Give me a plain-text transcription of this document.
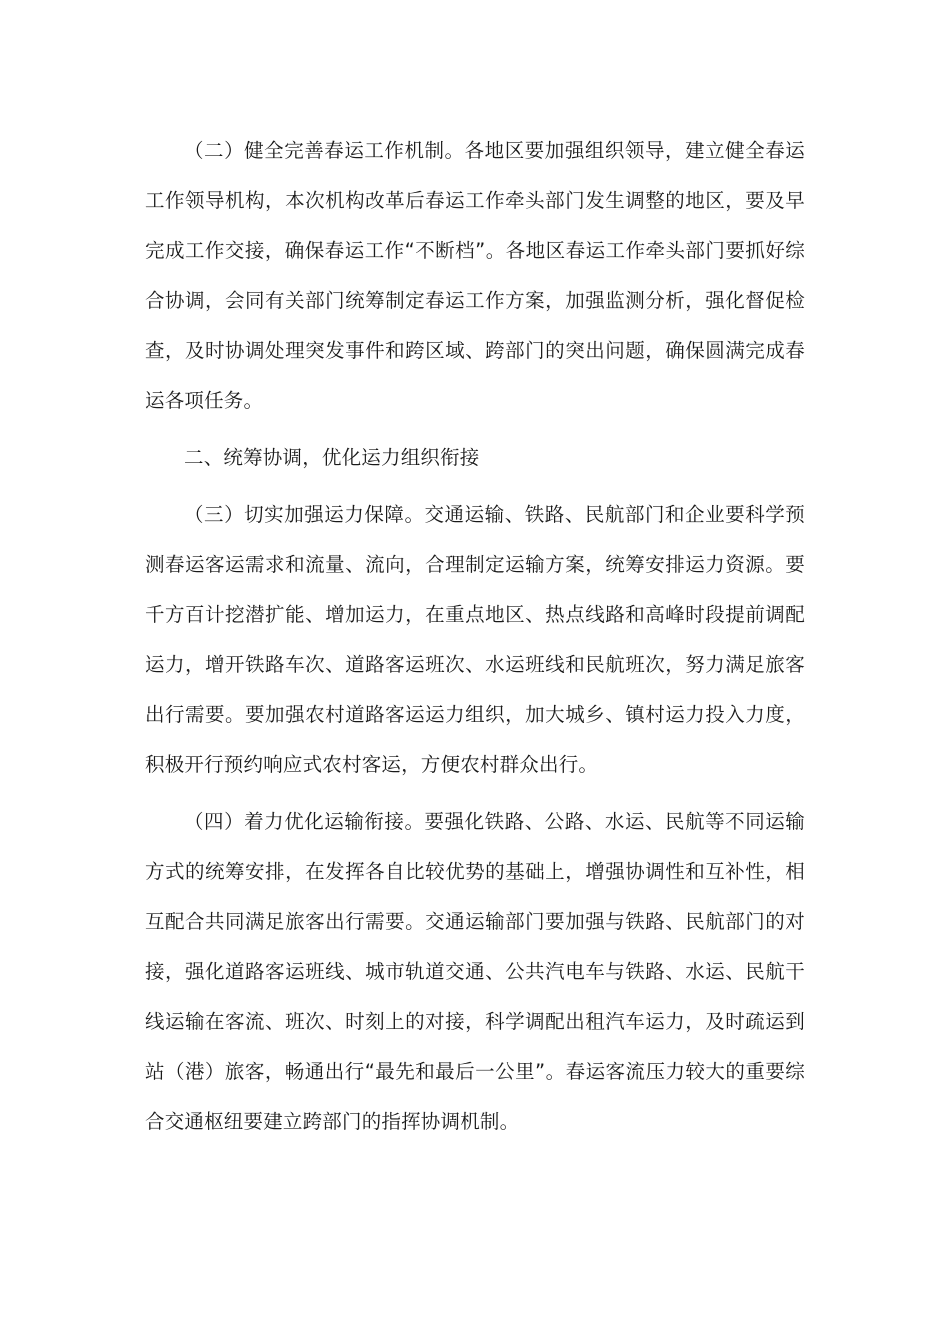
（二）健全完善春运工作机制。各地区要加强组织领导，建立健全春运工作领导机构，本次机构改革后春运工作牵头部门发生调整的地区，要及早完成工作交接，确保春运工作“不断档”。各地区春运工作牵头部门要抓好综合协调，会同有关部门统筹制定春运工作方案，加强监测分析，强化督促检查，及时协调处理突发事件和跨区域、跨部门的突出问题，确保圆满完成春运各项任务。

二、统筹协调，优化运力组织衔接

（三）切实加强运力保障。交通运输、铁路、民航部门和企业要科学预测春运客运需求和流量、流向，合理制定运输方案，统筹安排运力资源。要千方百计挖潜扩能、增加运力，在重点地区、热点线路和高峰时段提前调配运力，增开铁路车次、道路客运班次、水运班线和民航班次，努力满足旅客出行需要。要加强农村道路客运运力组织，加大城乡、镇村运力投入力度，积极开行预约响应式农村客运，方便农村群众出行。

（四）着力优化运输衔接。要强化铁路、公路、水运、民航等不同运输方式的统筹安排，在发挥各自比较优势的基础上，增强协调性和互补性，相互配合共同满足旅客出行需要。交通运输部门要加强与铁路、民航部门的对接，强化道路客运班线、城市轨道交通、公共汽电车与铁路、水运、民航干线运输在客流、班次、时刻上的对接，科学调配出租汽车运力，及时疏运到站（港）旅客，畅通出行“最先和最后一公里”。春运客流压力较大的重要综合交通枢纽要建立跨部门的指挥协调机制。
